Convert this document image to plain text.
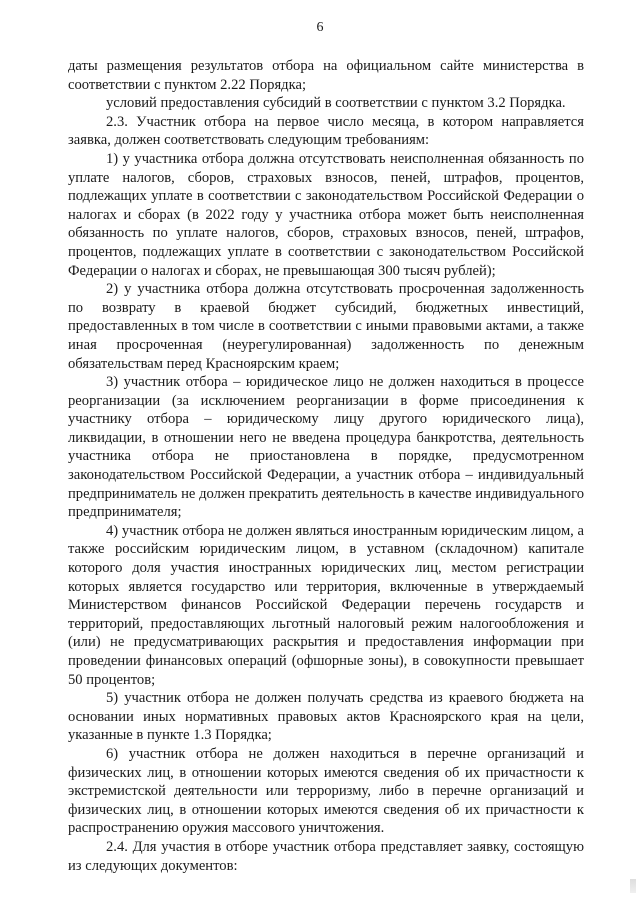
6

даты размещения результатов отбора на официальном сайте министерства в соответствии с пунктом 2.22 Порядка;

условий предоставления субсидий в соответствии с пунктом 3.2 Порядка.

2.3. Участник отбора на первое число месяца, в котором направляется заявка, должен соответствовать следующим требованиям:

1) у участника отбора должна отсутствовать неисполненная обязанность по уплате налогов, сборов, страховых взносов, пеней, штрафов, процентов, подлежащих уплате в соответствии с законодательством Российской Федерации о налогах и сборах (в 2022 году у участника отбора может быть неисполненная обязанность по уплате налогов, сборов, страховых взносов, пеней, штрафов, процентов, подлежащих уплате в соответствии с законодательством Российской Федерации о налогах и сборах, не превышающая 300 тысяч рублей);

2) у участника отбора должна отсутствовать просроченная задолженность по возврату в краевой бюджет субсидий, бюджетных инвестиций, предоставленных в том числе в соответствии с иными правовыми актами, а также иная просроченная (неурегулированная) задолженность по денежным обязательствам перед Красноярским краем;

3) участник отбора – юридическое лицо не должен находиться в процессе реорганизации (за исключением реорганизации в форме присоединения к участнику отбора – юридическому лицу другого юридического лица), ликвидации, в отношении него не введена процедура банкротства, деятельность участника отбора не приостановлена в порядке, предусмотренном законодательством Российской Федерации, а участник отбора – индивидуальный предприниматель не должен прекратить деятельность в качестве индивидуального предпринимателя;

4) участник отбора не должен являться иностранным юридическим лицом, а также российским юридическим лицом, в уставном (складочном) капитале которого доля участия иностранных юридических лиц, местом регистрации которых является государство или территория, включенные в утверждаемый Министерством финансов Российской Федерации перечень государств и территорий, предоставляющих льготный налоговый режим налогообложения и (или) не предусматривающих раскрытия и предоставления информации при проведении финансовых операций (офшорные зоны), в совокупности превышает 50 процентов;

5) участник отбора не должен получать средства из краевого бюджета на основании иных нормативных правовых актов Красноярского края на цели, указанные в пункте 1.3 Порядка;

6) участник отбора не должен находиться в перечне организаций и физических лиц, в отношении которых имеются сведения об их причастности к экстремистской деятельности или терроризму, либо в перечне организаций и физических лиц, в отношении которых имеются сведения об их причастности к распространению оружия массового уничтожения.

2.4. Для участия в отборе участник отбора представляет заявку, состоящую из следующих документов:
